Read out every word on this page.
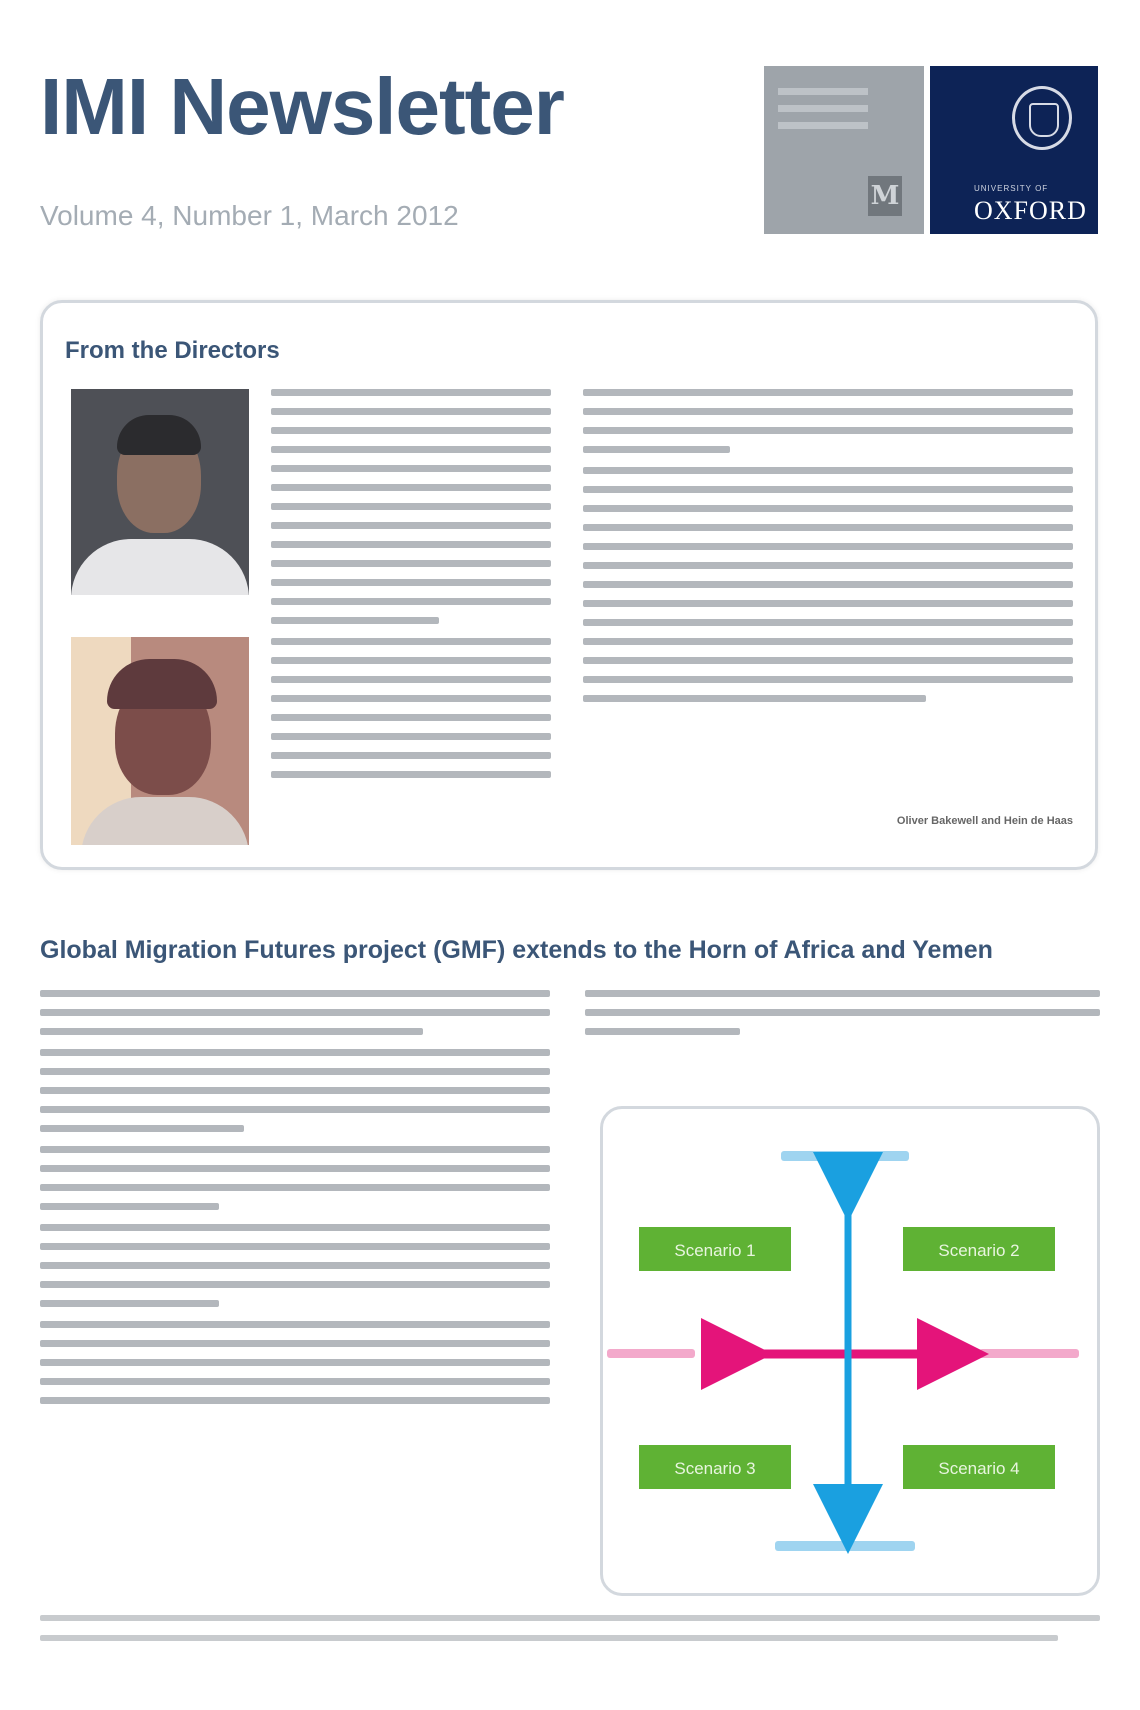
IMI Newsletter

Volume 4, Number 1, March 2012

M	UNIVERSITY OF
OXFORD
From the Directors

Oliver Bakewell and Hein de Haas

Global Migration Futures project (GMF) extends to the Horn of Africa and Yemen
Scenario 1	Scenario 2
Scenario 3	Scenario 4
